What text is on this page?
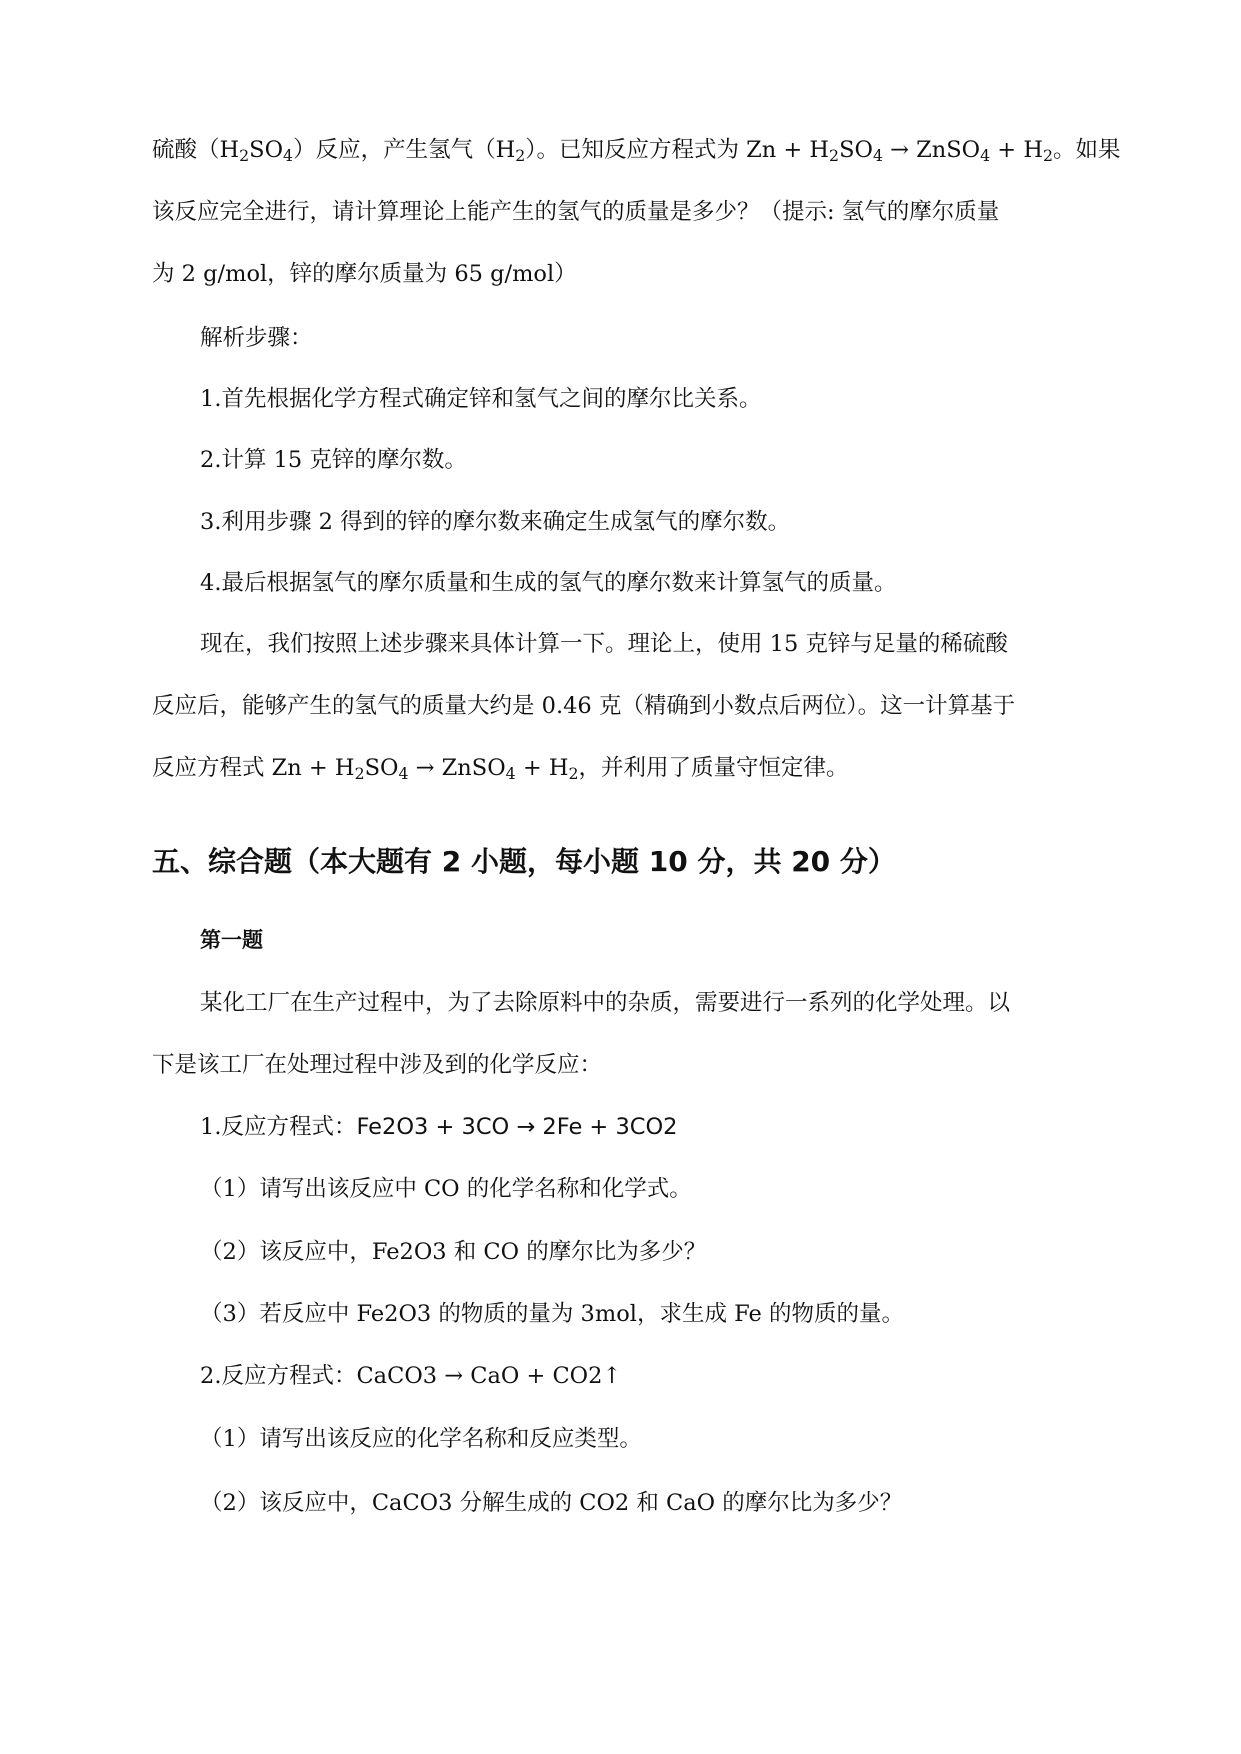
硫酸$(H_2SO_4)$反应，产生氢气$(H_2)$。已知反应方程式为 $Zn + H_2SO_4$ → ZnSO$_4$ + $H_2$。如果
该反应完全进行，请计算理论上能产生的氢气的质量是多少？（提示: 氢气的摩尔质量
为 2 g/mol，锌的摩尔质量为 65 g/mol）
解析步骤：
1.首先根据化学方程式确定锌和氢气之间的摩尔比关系。
2.计算 15 克锌的摩尔数。
3.利用步骤 2 得到的锌的摩尔数来确定生成氢气的摩尔数。
4.最后根据氢气的摩尔质量和生成的氢气的摩尔数来计算氢气的质量。
现在，我们按照上述步骤来具体计算一下。理论上，使用 15 克锌与足量的稀硫酸
反应后，能够产生的氢气的质量大约是 0.46 克（精确到小数点后两位）。这一计算基于
反应方程式 $Zn + H_2SO_4$ → ZnSO$_4$ + $H_2$，并利用了质量守恒定律。
五、综合题（本大题有 2 小题，每小题 10 分，共 20 分）
第一题
某化工厂在生产过程中，为了去除原料中的杂质，需要进行一系列的化学处理。以
下是该工厂在处理过程中涉及到的化学反应：
1.反应方程式：Fe2O3 + 3CO → 2Fe + 3CO2
（1）请写出该反应中 CO 的化学名称和化学式。
（2）该反应中，Fe2O3 和 CO 的摩尔比为多少？
（3）若反应中 Fe2O3 的物质的量为 3mol，求生成 Fe 的物质的量。
2.反应方程式：CaCO3 → CaO + CO2↑
（1）请写出该反应的化学名称和反应类型。
（2）该反应中，CaCO3 分解生成的 CO2 和 CaO 的摩尔比为多少？
